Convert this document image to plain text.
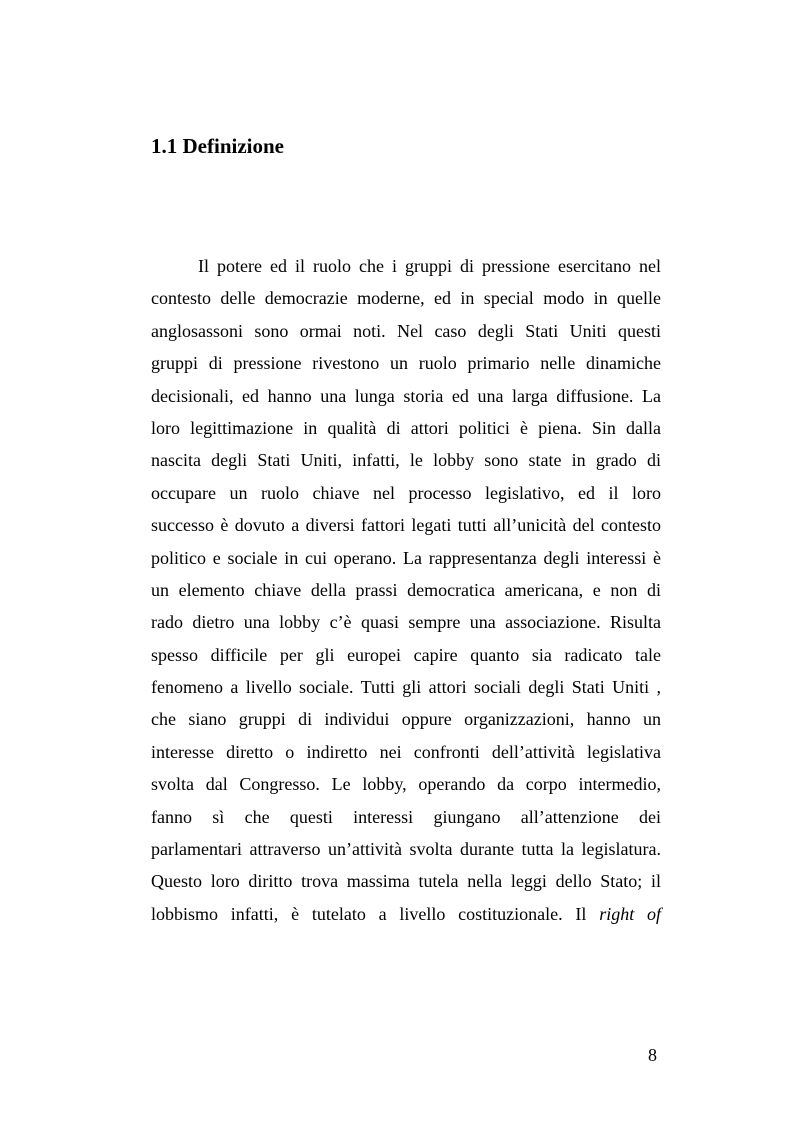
1.1 Definizione
Il potere ed il ruolo che i gruppi di pressione esercitano nel
contesto delle democrazie moderne, ed in special modo in quelle
anglosassoni sono ormai noti. Nel caso degli Stati Uniti questi
gruppi di pressione rivestono un ruolo primario nelle dinamiche
decisionali, ed hanno una lunga storia ed una larga diffusione. La
loro legittimazione in qualità di attori politici è piena. Sin dalla
nascita degli Stati Uniti, infatti, le lobby sono state in grado di
occupare un ruolo chiave nel processo legislativo, ed il loro
successo è dovuto a diversi fattori legati tutti all’unicità del contesto
politico e sociale in cui operano. La rappresentanza degli interessi è
un elemento chiave della prassi democratica americana, e non di
rado dietro una lobby c’è quasi sempre una associazione. Risulta
spesso difficile per gli europei capire quanto sia radicato tale
fenomeno a livello sociale. Tutti gli attori sociali degli Stati Uniti ,
che siano gruppi di individui oppure organizzazioni, hanno un
interesse diretto o indiretto nei confronti dell’attività legislativa
svolta dal Congresso. Le lobby, operando da corpo intermedio,
fanno sì che questi interessi giungano all’attenzione dei
parlamentari attraverso un’attività svolta durante tutta la legislatura.
Questo loro diritto trova massima tutela nella leggi dello Stato; il
lobbismo infatti, è tutelato a livello costituzionale. Il right of

8
